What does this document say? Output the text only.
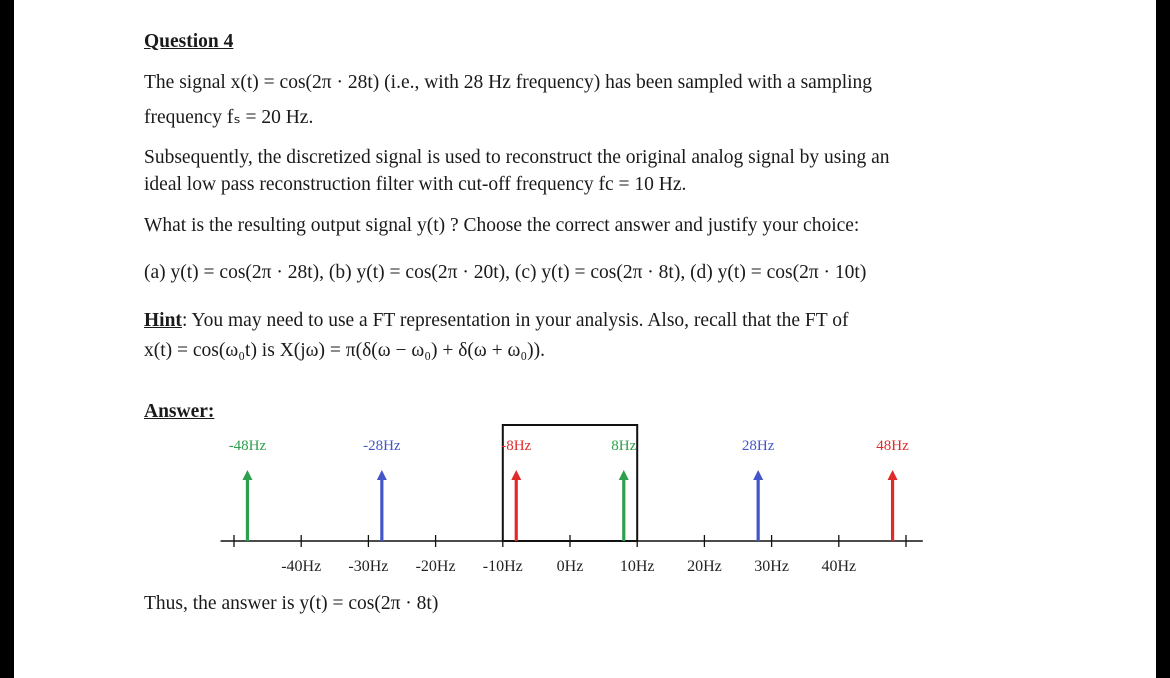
Question 4
The signal x(t) = cos(2π · 28t) (i.e., with 28 Hz frequency) has been sampled with a sampling
frequency fₛ = 20 Hz.
Subsequently, the discretized signal is used to reconstruct the original analog signal by using an
ideal low pass reconstruction filter with cut-off frequency fc = 10 Hz.
What is the resulting output signal y(t) ? Choose the correct answer and justify your choice:
(a) y(t) = cos(2π · 28t), (b) y(t) = cos(2π · 20t), (c) y(t) = cos(2π · 8t), (d) y(t) = cos(2π · 10t)
Hint: You may need to use a FT representation in your analysis. Also, recall that the FT of
x(t) = cos(ω₀t) is X(jω) = π(δ(ω − ω₀) + δ(ω + ω₀)).
Answer:
-40Hz -30Hz -20Hz -10Hz 0Hz 10Hz 20Hz 30Hz 40Hz
-48Hz	-28Hz	-8Hz	8Hz	28Hz	48Hz
Thus, the answer is y(t) = cos(2π · 8t)
